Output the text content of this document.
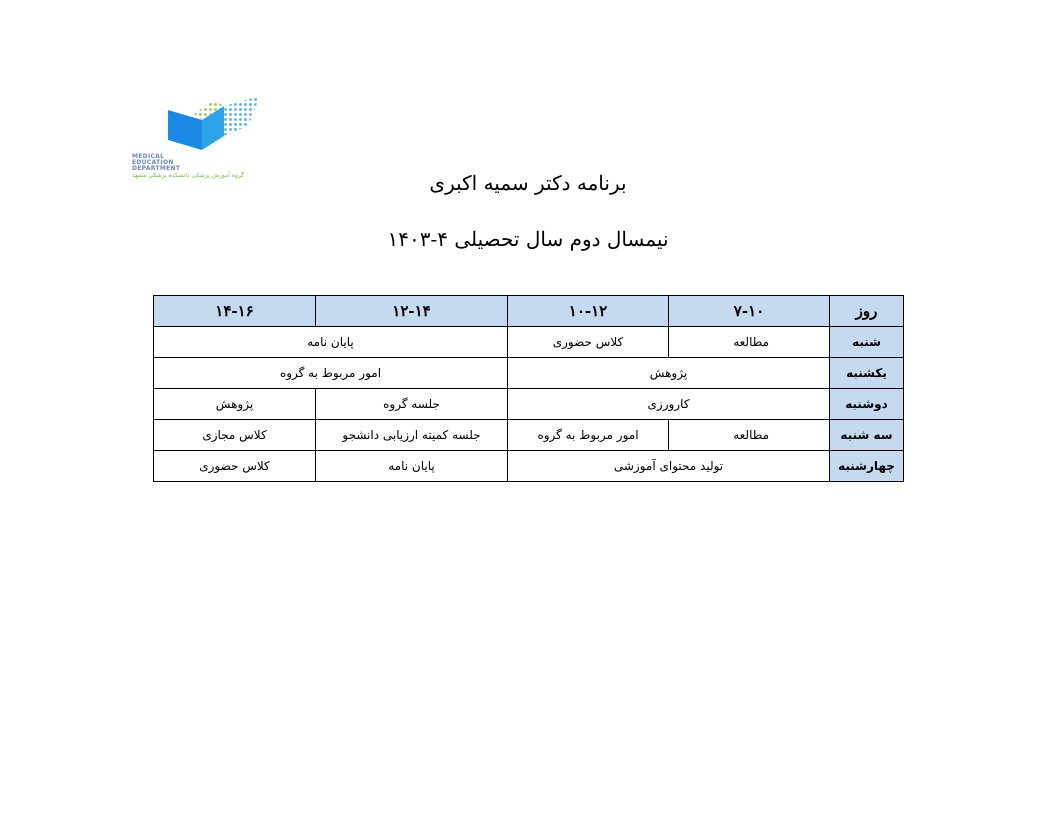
MEDICAL
EDUCATION
DEPARTMENT
گروه آموزش پزشکی دانشکده پزشکی مشهد	برنامه دکتر سمیه اکبری
نیمسال دوم سال تحصیلی ۴-۱۴۰۳
روز	۷-۱۰	۱۰-۱۲	۱۲-۱۴	۱۴-۱۶
شنبه	مطالعه	کلاس حضوری	پایان نامه	
یکشنبه	پژوهش		امور مربوط به گروه	
دوشنبه	کارورزی		جلسه گروه	پژوهش
سه شنبه	مطالعه	امور مربوط به گروه	جلسه کمیته ارزیابی دانشجو	کلاس مجازی
چهارشنبه	تولید محتوای آموزشی		پایان نامه	کلاس حضوری
